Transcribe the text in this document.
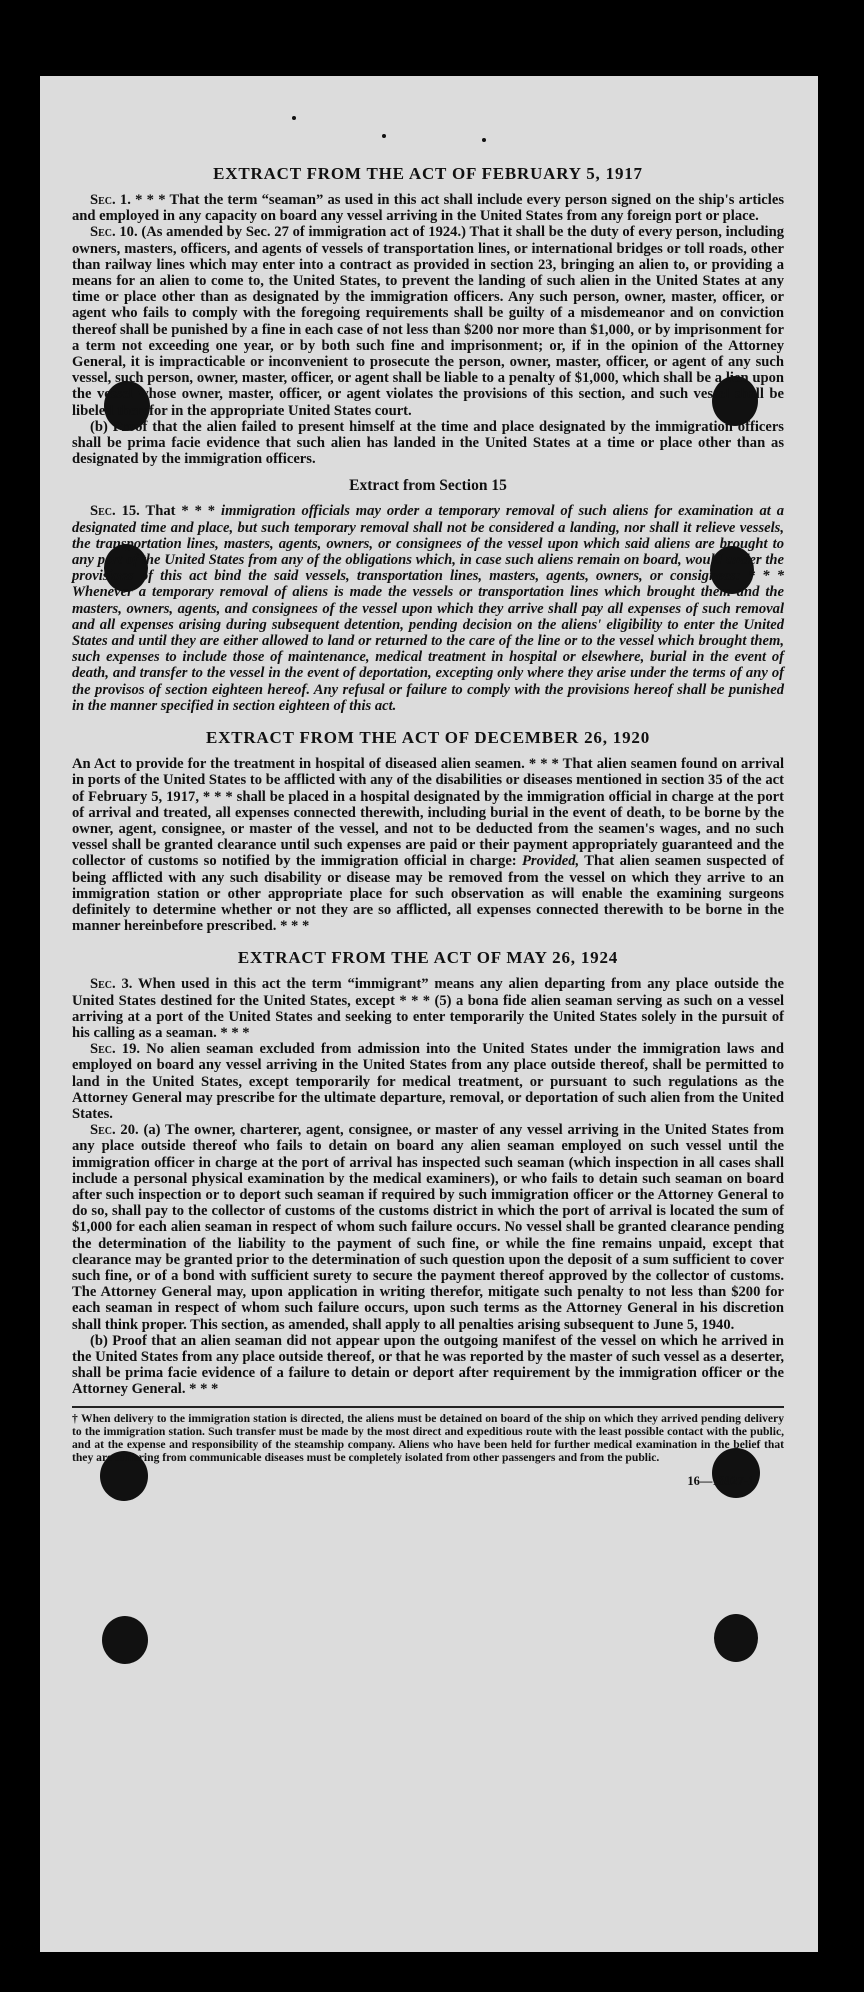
EXTRACT FROM THE ACT OF FEBRUARY 5, 1917

Sec. 1. * * * That the term “seaman” as used in this act shall include every person signed on the ship's articles and employed in any capacity on board any vessel arriving in the United States from any foreign port or place.

Sec. 10. (As amended by Sec. 27 of immigration act of 1924.) That it shall be the duty of every person, including owners, masters, officers, and agents of vessels of transportation lines, or international bridges or toll roads, other than railway lines which may enter into a contract as provided in section 23, bringing an alien to, or providing a means for an alien to come to, the United States, to prevent the landing of such alien in the United States at any time or place other than as designated by the immigration officers. Any such person, owner, master, officer, or agent who fails to comply with the foregoing requirements shall be guilty of a misdemeanor and on conviction thereof shall be punished by a fine in each case of not less than $200 nor more than $1,000, or by imprisonment for a term not exceeding one year, or by both such fine and imprisonment; or, if in the opinion of the Attorney General, it is impracticable or inconvenient to prosecute the person, owner, master, officer, or agent of any such vessel, such person, owner, master, officer, or agent shall be liable to a penalty of $1,000, which shall be a lien upon the vessel whose owner, master, officer, or agent violates the provisions of this section, and such vessel shall be libeled therefor in the appropriate United States court.

(b) Proof that the alien failed to present himself at the time and place designated by the immigration officers shall be prima facie evidence that such alien has landed in the United States at a time or place other than as designated by the immigration officers.

Extract from Section 15

Sec. 15. That * * * immigration officials may order a temporary removal of such aliens for examination at a designated time and place, but such temporary removal shall not be considered a landing, nor shall it relieve vessels, the transportation lines, masters, agents, owners, or consignees of the vessel upon which said aliens are brought to any port of the United States from any of the obligations which, in case such aliens remain on board, would under the provisions of this act bind the said vessels, transportation lines, masters, agents, owners, or consignees: * * * Whenever a temporary removal of aliens is made the vessels or transportation lines which brought them and the masters, owners, agents, and consignees of the vessel upon which they arrive shall pay all expenses of such removal and all expenses arising during subsequent detention, pending decision on the aliens' eligibility to enter the United States and until they are either allowed to land or returned to the care of the line or to the vessel which brought them, such expenses to include those of maintenance, medical treatment in hospital or elsewhere, burial in the event of death, and transfer to the vessel in the event of deportation, excepting only where they arise under the terms of any of the provisos of section eighteen hereof. Any refusal or failure to comply with the provisions hereof shall be punished in the manner specified in section eighteen of this act.

EXTRACT FROM THE ACT OF DECEMBER 26, 1920

An Act to provide for the treatment in hospital of diseased alien seamen. * * * That alien seamen found on arrival in ports of the United States to be afflicted with any of the disabilities or diseases mentioned in section 35 of the act of February 5, 1917, * * * shall be placed in a hospital designated by the immigration official in charge at the port of arrival and treated, all expenses connected therewith, including burial in the event of death, to be borne by the owner, agent, consignee, or master of the vessel, and not to be deducted from the seamen's wages, and no such vessel shall be granted clearance until such expenses are paid or their payment appropriately guaranteed and the collector of customs so notified by the immigration official in charge: Provided, That alien seamen suspected of being afflicted with any such disability or disease may be removed from the vessel on which they arrive to an immigration station or other appropriate place for such observation as will enable the examining surgeons definitely to determine whether or not they are so afflicted, all expenses connected therewith to be borne in the manner hereinbefore prescribed. * * *

EXTRACT FROM THE ACT OF MAY 26, 1924

Sec. 3. When used in this act the term “immigrant” means any alien departing from any place outside the United States destined for the United States, except * * * (5) a bona fide alien seaman serving as such on a vessel arriving at a port of the United States and seeking to enter temporarily the United States solely in the pursuit of his calling as a seaman. * * *

Sec. 19. No alien seaman excluded from admission into the United States under the immigration laws and employed on board any vessel arriving in the United States from any place outside thereof, shall be permitted to land in the United States, except temporarily for medical treatment, or pursuant to such regulations as the Attorney General may prescribe for the ultimate departure, removal, or deportation of such alien from the United States.

Sec. 20. (a) The owner, charterer, agent, consignee, or master of any vessel arriving in the United States from any place outside thereof who fails to detain on board any alien seaman employed on such vessel until the immigration officer in charge at the port of arrival has inspected such seaman (which inspection in all cases shall include a personal physical examination by the medical examiners), or who fails to detain such seaman on board after such inspection or to deport such seaman if required by such immigration officer or the Attorney General to do so, shall pay to the collector of customs of the customs district in which the port of arrival is located the sum of $1,000 for each alien seaman in respect of whom such failure occurs. No vessel shall be granted clearance pending the determination of the liability to the payment of such fine, or while the fine remains unpaid, except that clearance may be granted prior to the determination of such question upon the deposit of a sum sufficient to cover such fine, or of a bond with sufficient surety to secure the payment thereof approved by the collector of customs. The Attorney General may, upon application in writing therefor, mitigate such penalty to not less than $200 for each seaman in respect of whom such failure occurs, upon such terms as the Attorney General in his discretion shall think proper. This section, as amended, shall apply to all penalties arising subsequent to June 5, 1940.

(b) Proof that an alien seaman did not appear upon the outgoing manifest of the vessel on which he arrived in the United States from any place outside thereof, or that he was reported by the master of such vessel as a deserter, shall be prima facie evidence of a failure to detain or deport after requirement by the immigration officer or the Attorney General. * * *

† When delivery to the immigration station is directed, the aliens must be detained on board of the ship on which they arrived pending delivery to the immigration station. Such transfer must be made by the most direct and expeditious route with the least possible contact with the public, and at the expense and responsibility of the steamship company. Aliens who have been held for further medical examination in the belief that they are suffering from communicable diseases must be completely isolated from other passengers and from the public.
16—18927-1
